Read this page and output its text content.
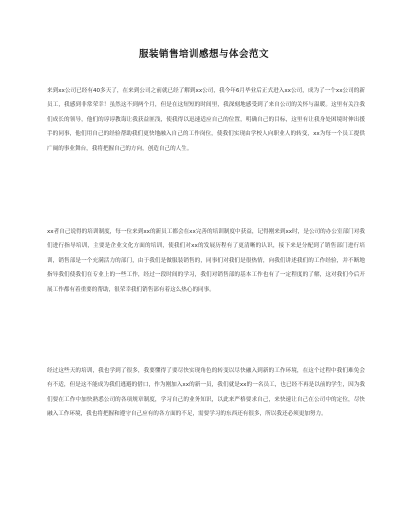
服装销售培训感想与体会范文

来到xx公司已经有40多天了，在来到公司之前就已经了解到xx公司，我今年6月毕业后正式进入xx公司，成为了一个xx公司的新员工，我感到非常荣幸！虽然这不到两个月，但是在这短短的时间里，我深刻地感受到了来自公司的关怀与温暖。这里有关注我们成长的领导，他们的谆谆教诲让我获益匪浅，使我得以迅速适应自己的位置，明确自己的目标，这里有让我身处困境时伸出援手的同事，他们用自己的经验帮助我们更快地融入自己的工作岗位，使我们实现由学校人向职业人的转变，xx为每一个员工提供广阔的事业舞台，我将把握自己的方向，创造自己的人生。

xx者自己说得的培训制度，每一位来到xx的新员工都会在xx完善的培训制度中获益，记得刚来到xx时，是公司的办公室部门对我们进行指导培训，主要是企业文化方面的培训，使我们对xx的发展历程有了更清晰的认识，接下来是分配到了销售部门进行培训，销售部是一个充满活力的部门，由于我们是做服装销售的，同事们对我们是很热情，向我们讲述我们的工作经验，并不断地指导我们使我们在专业上的一些工作，经过一段时间的学习，我们对销售部的基本工作也有了一定程度的了解，这对我们今后开展工作都有着重要的帮助，很荣幸我们销售部有着这么热心的同事。

经过这些天的培训，我也学到了很多，我要懂得了要尽快实现角色的转变以尽快融入到新的工作环境，在这个过程中我们难免会有不适，但是这不能成为我们逃避的借口，作为刚加入xx的新一员，我们就是xx的一名员工，也已经不再是以前的学生，因为我们要在工作中加快熟悉公司的各项规章制度，学习自己的业务知识，以此来严格要求自己，来快速让自己在公司中的定位，尽快融入工作环境，我也将把握和遵守自己应有的各方面的不足，需要学习的东西还有很多，所以我还必须更加努力。
